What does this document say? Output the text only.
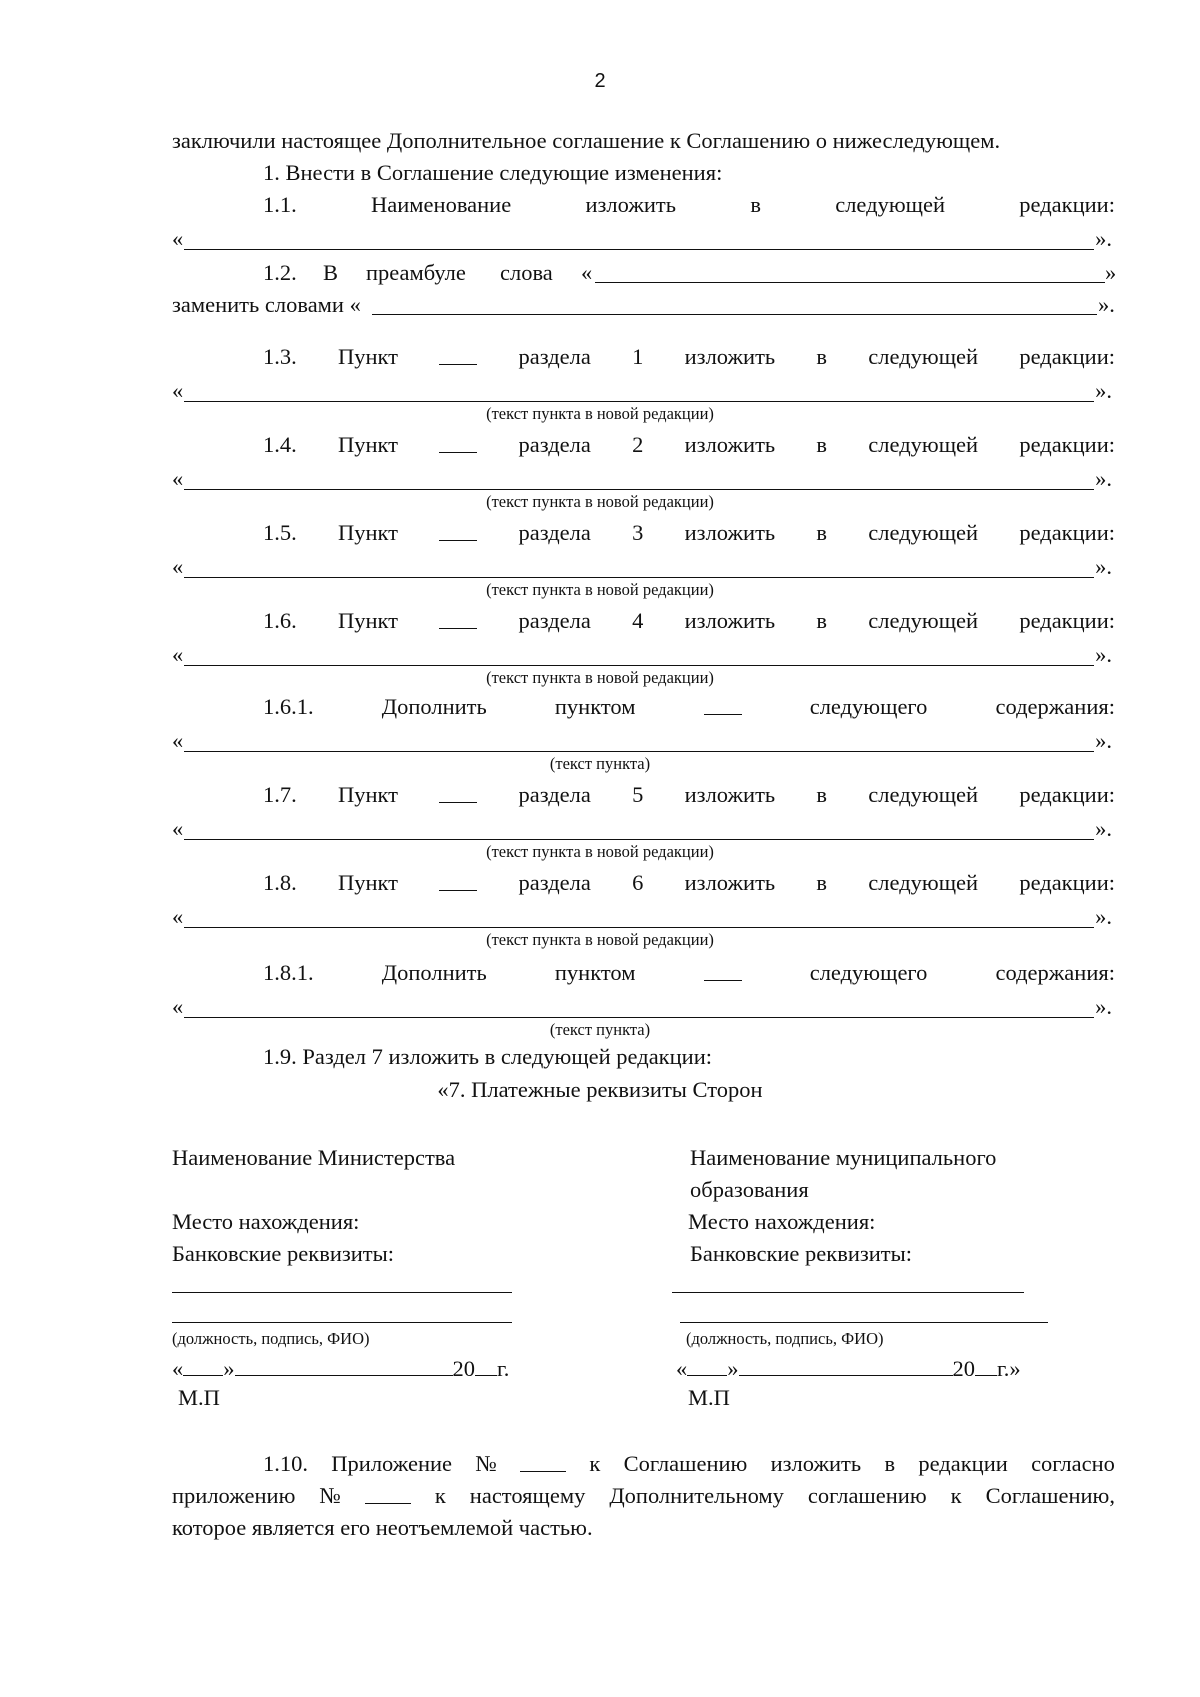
2
заключили настоящее Дополнительное соглашение к Соглашению о нижеследующем.
1. Внести в Соглашение следующие изменения:
1.1.	Наименование	изложить	в	следующей	редакции:
«	».
1.2. В преамбуле слова «	»
заменить словами «	».
1.3. Пункт	раздела 1 изложить в следующей редакции:
«	».
(текст пункта в новой редакции)
1.4. Пункт	раздела 2 изложить в следующей редакции:
«	».
(текст пункта в новой редакции)
1.5. Пункт	раздела 3 изложить в следующей редакции:
«	».
(текст пункта в новой редакции)
1.6. Пункт	раздела 4 изложить в следующей редакции:
«	».
(текст пункта в новой редакции)
1.6.1.	Дополнить	пунктом	следующего	содержания:
«	».
(текст пункта)
1.7. Пункт	раздела 5 изложить в следующей редакции:
«	».
(текст пункта в новой редакции)
1.8. Пункт	раздела 6 изложить в следующей редакции:
«	».
(текст пункта в новой редакции)
1.8.1.	Дополнить	пунктом	следующего	содержания:
«	».
(текст пункта)
1.9. Раздел 7 изложить в следующей редакции:
«7. Платежные реквизиты Сторон
Наименование Министерства	Наименование муниципального
образования
Место нахождения:	Место нахождения:
Банковские реквизиты:	Банковские реквизиты:
(должность, подпись, ФИО)	(должность, подпись, ФИО)
« »	20 г.	« »	20 г.»
М.П	М.П
1.10. Приложение №	к Соглашению изложить в редакции согласно
приложению №	к настоящему Дополнительному соглашению к Соглашению,
которое является его неотъемлемой частью.
